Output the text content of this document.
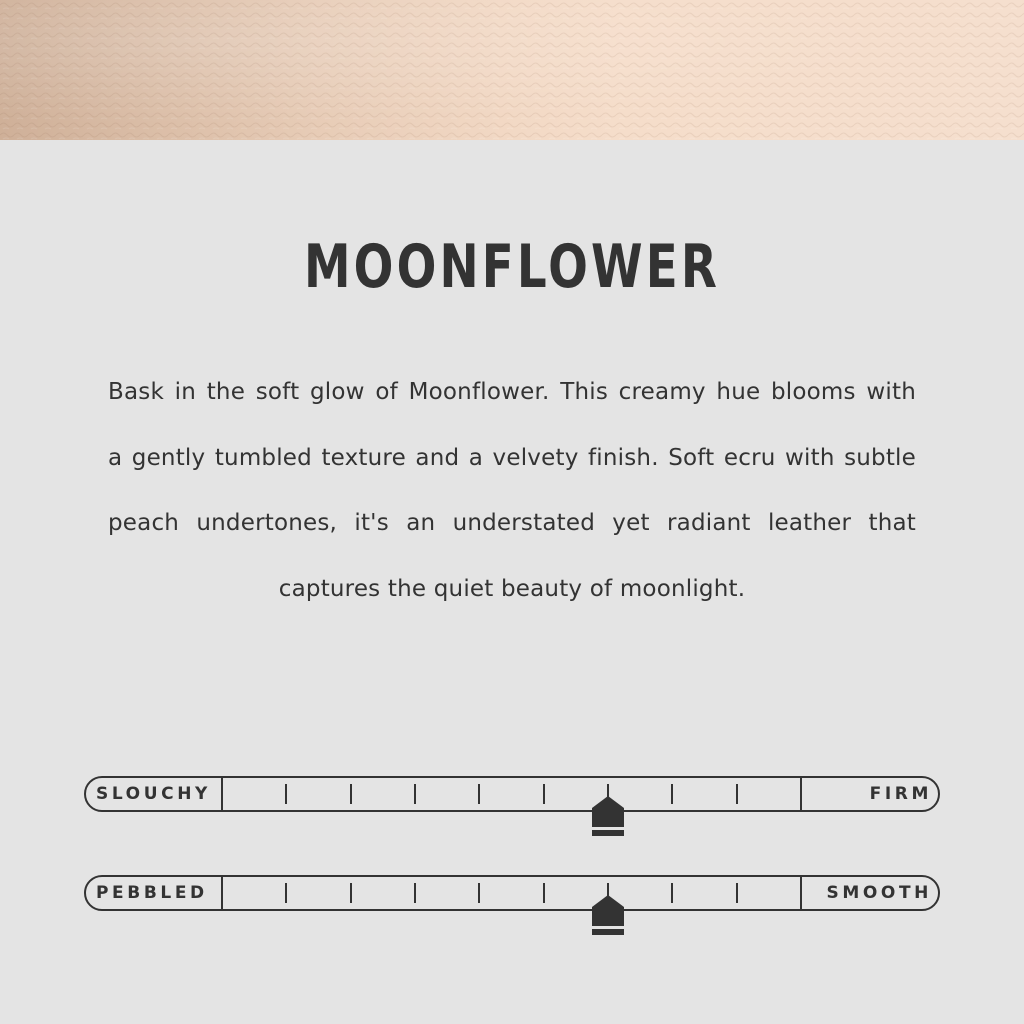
MOONFLOWER

Bask in the soft glow of Moonflower. This creamy hue blooms with
a gently tumbled texture and a velvety finish. Soft ecru with subtle
peach undertones, it's an understated yet radiant leather that
captures the quiet beauty of moonlight.

SLOUCHY	FIRM
PEBBLED	SMOOTH
